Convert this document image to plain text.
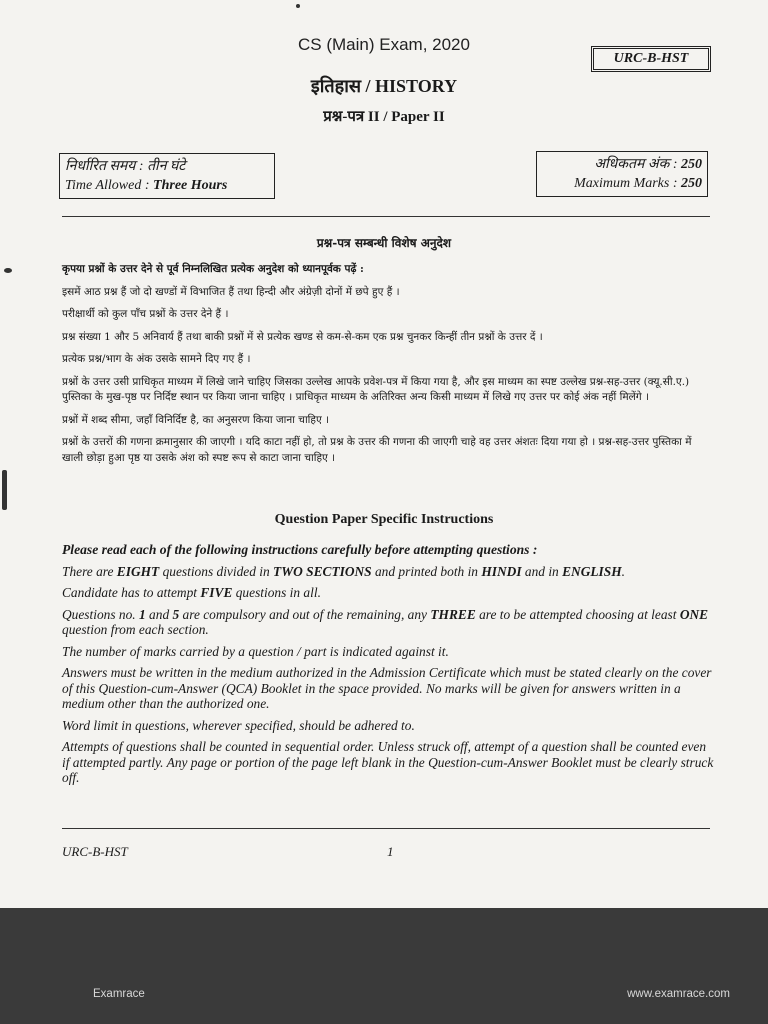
CS (Main) Exam, 2020
URC-B-HST
इतिहास / HISTORY
प्रश्न-पत्र II / Paper II
निर्धारित समय : तीन घंटे
Time Allowed : Three Hours
अधिकतम अंक : 250
Maximum Marks : 250
प्रश्न-पत्र सम्बन्धी विशेष अनुदेश

कृपया प्रश्नों के उत्तर देने से पूर्व निम्नलिखित प्रत्येक अनुदेश को ध्यानपूर्वक पढ़ें :

इसमें आठ प्रश्न हैं जो दो खण्डों में विभाजित हैं तथा हिन्दी और अंग्रेज़ी दोनों में छपे हुए हैं ।

परीक्षार्थी को कुल पाँच प्रश्नों के उत्तर देने हैं ।

प्रश्न संख्या 1 और 5 अनिवार्य हैं तथा बाकी प्रश्नों में से प्रत्येक खण्ड से कम-से-कम एक प्रश्न चुनकर किन्हीं तीन प्रश्नों के उत्तर दें ।

प्रत्येक प्रश्न/भाग के अंक उसके सामने दिए गए हैं ।

प्रश्नों के उत्तर उसी प्राधिकृत माध्यम में लिखे जाने चाहिए जिसका उल्लेख आपके प्रवेश-पत्र में किया गया है, और इस माध्यम का स्पष्ट उल्लेख प्रश्न-सह-उत्तर (क्यू.सी.ए.) पुस्तिका के मुख-पृष्ठ पर निर्दिष्ट स्थान पर किया जाना चाहिए । प्राधिकृत माध्यम के अतिरिक्त अन्य किसी माध्यम में लिखे गए उत्तर पर कोई अंक नहीं मिलेंगे ।

प्रश्नों में शब्द सीमा, जहाँ विनिर्दिष्ट है, का अनुसरण किया जाना चाहिए ।

प्रश्नों के उत्तरों की गणना क्रमानुसार की जाएगी । यदि काटा नहीं हो, तो प्रश्न के उत्तर की गणना की जाएगी चाहे वह उत्तर अंशतः दिया गया हो । प्रश्न-सह-उत्तर पुस्तिका में खाली छोड़ा हुआ पृष्ठ या उसके अंश को स्पष्ट रूप से काटा जाना चाहिए ।

Question Paper Specific Instructions

Please read each of the following instructions carefully before attempting questions :

There are EIGHT questions divided in TWO SECTIONS and printed both in HINDI and in ENGLISH.

Candidate has to attempt FIVE questions in all.

Questions no. 1 and 5 are compulsory and out of the remaining, any THREE are to be attempted choosing at least ONE question from each section.

The number of marks carried by a question / part is indicated against it.

Answers must be written in the medium authorized in the Admission Certificate which must be stated clearly on the cover of this Question-cum-Answer (QCA) Booklet in the space provided. No marks will be given for answers written in a medium other than the authorized one.

Word limit in questions, wherever specified, should be adhered to.

Attempts of questions shall be counted in sequential order. Unless struck off, attempt of a question shall be counted even if attempted partly. Any page or portion of the page left blank in the Question-cum-Answer Booklet must be clearly struck off.

URC-B-HST	1
Examrace	www.examrace.com
